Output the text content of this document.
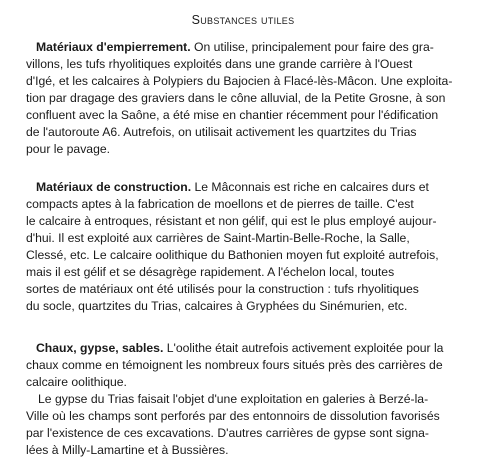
Substances utiles
Matériaux d'empierrement. On utilise, principalement pour faire des gra-
villons, les tufs rhyolitiques exploités dans une grande carrière à l'Ouest
d'Igé, et les calcaires à Polypiers du Bajocien à Flacé-lès-Mâcon. Une exploita-
tion par dragage des graviers dans le cône alluvial, de la Petite Grosne, à son
confluent avec la Saône, a été mise en chantier récemment pour l'édification
de l'autoroute A6. Autrefois, on utilisait activement les quartzites du Trias
pour le pavage.
Matériaux de construction. Le Mâconnais est riche en calcaires durs et
compacts aptes à la fabrication de moellons et de pierres de taille. C'est
le calcaire à entroques, résistant et non gélif, qui est le plus employé aujour-
d'hui. Il est exploité aux carrières de Saint-Martin-Belle-Roche, la Salle,
Clessé, etc. Le calcaire oolithique du Bathonien moyen fut exploité autrefois,
mais il est gélif et se désagrège rapidement. A l'échelon local, toutes
sortes de matériaux ont été utilisés pour la construction : tufs rhyolitiques
du socle, quartzites du Trias, calcaires à Gryphées du Sinémurien, etc.
Chaux, gypse, sables. L'oolithe était autrefois activement exploitée pour la
chaux comme en témoignent les nombreux fours situés près des carrières de
calcaire oolithique.
Le gypse du Trias faisait l'objet d'une exploitation en galeries à Berzé-la-
Ville où les champs sont perforés par des entonnoirs de dissolution favorisés
par l'existence de ces excavations. D'autres carrières de gypse sont signa-
lées à Milly-Lamartine et à Bussières.
